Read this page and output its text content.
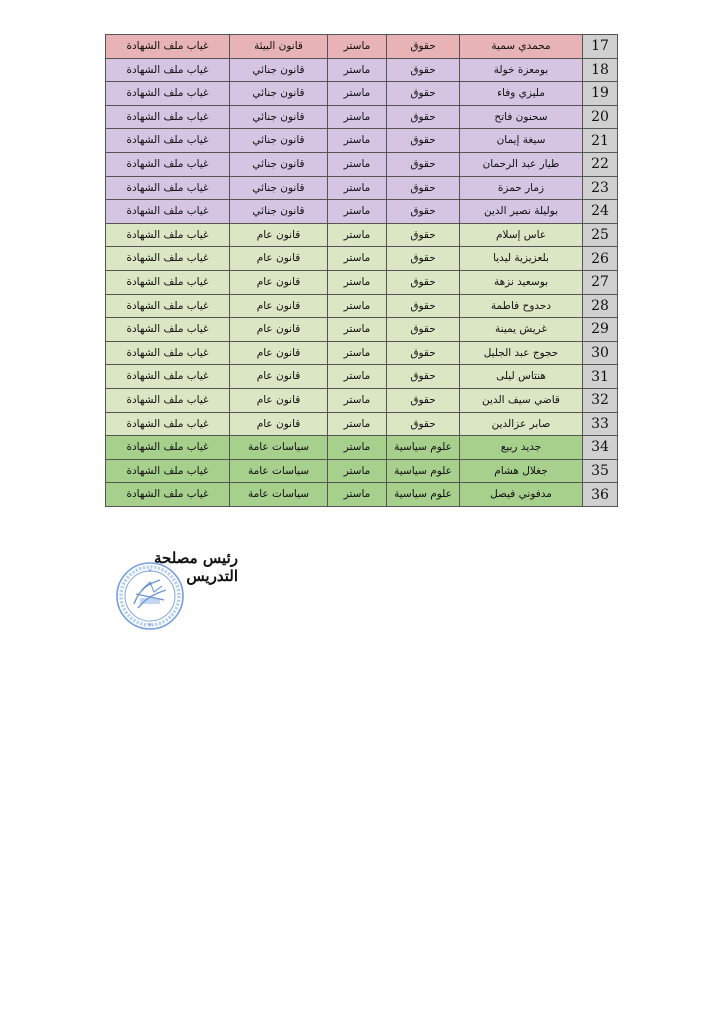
17	محمدي سمية	حقوق	ماستر	قانون البيئة	غياب ملف الشهادة
18	بومعزة خولة	حقوق	ماستر	قانون جنائي	غياب ملف الشهادة
19	مليزي وفاء	حقوق	ماستر	قانون جنائي	غياب ملف الشهادة
20	سحنون فاتح	حقوق	ماستر	قانون جنائي	غياب ملف الشهادة
21	سيغة إيمان	حقوق	ماستر	قانون جنائي	غياب ملف الشهادة
22	طيار عبد الرحمان	حقوق	ماستر	قانون جنائي	غياب ملف الشهادة
23	زمار حمزة	حقوق	ماستر	قانون جنائي	غياب ملف الشهادة
24	بوليلة نصير الدين	حقوق	ماستر	قانون جنائي	غياب ملف الشهادة
25	عاس إسلام	حقوق	ماستر	قانون عام	غياب ملف الشهادة
26	بلعزيزية ليديا	حقوق	ماستر	قانون عام	غياب ملف الشهادة
27	بوسعيد نزهة	حقوق	ماستر	قانون عام	غياب ملف الشهادة
28	دحدوح فاطمة	حقوق	ماستر	قانون عام	غياب ملف الشهادة
29	غريش يمينة	حقوق	ماستر	قانون عام	غياب ملف الشهادة
30	حجوج عبد الجليل	حقوق	ماستر	قانون عام	غياب ملف الشهادة
31	هنتاس ليلى	حقوق	ماستر	قانون عام	غياب ملف الشهادة
32	قاضي سيف الدين	حقوق	ماستر	قانون عام	غياب ملف الشهادة
33	صابر عزالدين	حقوق	ماستر	قانون عام	غياب ملف الشهادة
34	جديد ربيع	علوم سياسية	ماستر	سياسات عامة	غياب ملف الشهادة
35	جغلال هشام	علوم سياسية	ماستر	سياسات عامة	غياب ملف الشهادة
36	مدفوني فيصل	علوم سياسية	ماستر	سياسات عامة	غياب ملف الشهادة
رئيس مصلحة التدريس
★
★
